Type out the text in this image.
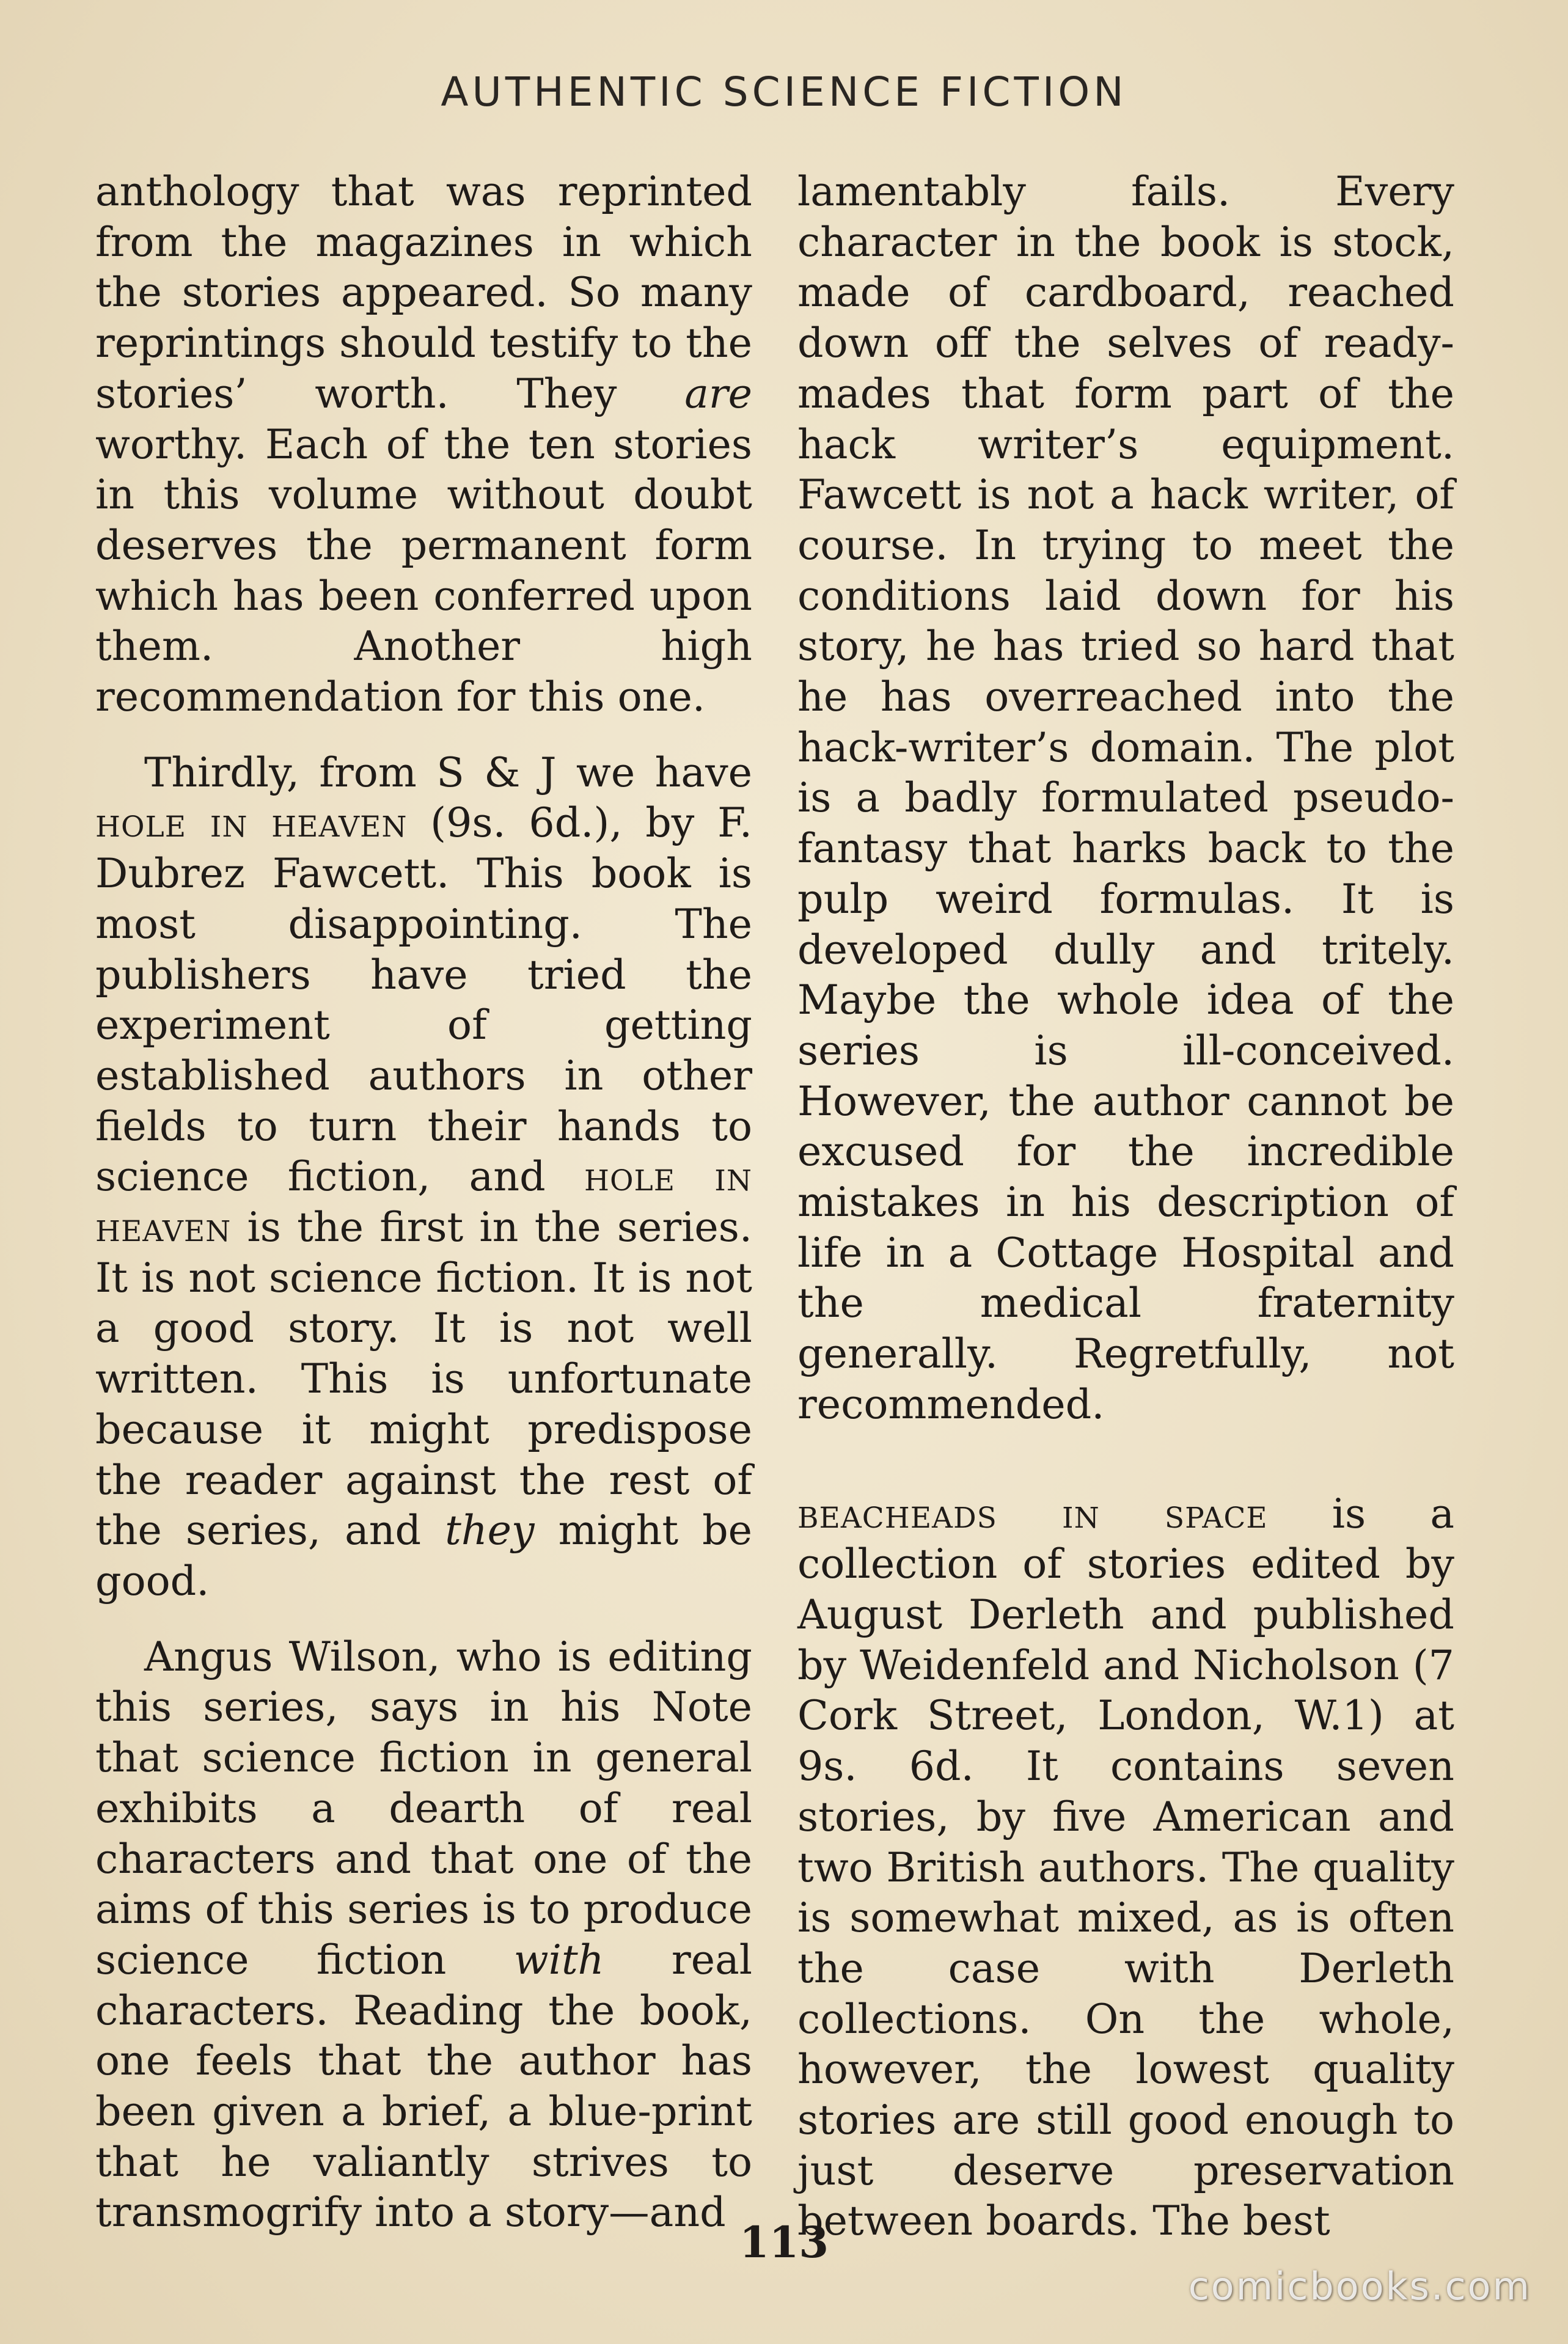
AUTHENTIC SCIENCE FICTION

anthology that was reprinted from the magazines in which the stories appeared. So many reprintings should testify to the stories’ worth. They are worthy. Each of the ten stories in this volume without doubt deserves the permanent form which has been conferred upon them. Another high recommendation for this one.

Thirdly, from S & J we have hole in heaven (9s. 6d.), by F. Dubrez Fawcett. This book is most disappointing. The publishers have tried the experiment of getting established authors in other fields to turn their hands to science fiction, and hole in heaven is the first in the series. It is not science fiction. It is not a good story. It is not well written. This is unfortunate because it might predispose the reader against the rest of the series, and they might be good.

Angus Wilson, who is editing this series, says in his Note that science fiction in general exhibits a dearth of real characters and that one of the aims of this series is to produce science fiction with real characters. Reading the book, one feels that the author has been given a brief, a blue-print that he valiantly strives to transmogrify into a story—and

lamentably fails. Every character in the book is stock, made of cardboard, reached down off the selves of ready-mades that form part of the hack writer’s equipment. Fawcett is not a hack writer, of course. In trying to meet the conditions laid down for his story, he has tried so hard that he has overreached into the hack-writer’s domain. The plot is a badly formulated pseudo-fantasy that harks back to the pulp weird formulas. It is developed dully and tritely. Maybe the whole idea of the series is ill-conceived. However, the author cannot be excused for the incredible mistakes in his description of life in a Cottage Hospital and the medical fraternity generally. Regretfully, not recommended.

beacheads in space is a collection of stories edited by August Derleth and published by Weidenfeld and Nicholson (7 Cork Street, London, W.1) at 9s. 6d. It contains seven stories, by five American and two British authors. The quality is somewhat mixed, as is often the case with Derleth collections. On the whole, however, the lowest quality stories are still good enough to just deserve preservation between boards. The best

113
comicbooks.com
